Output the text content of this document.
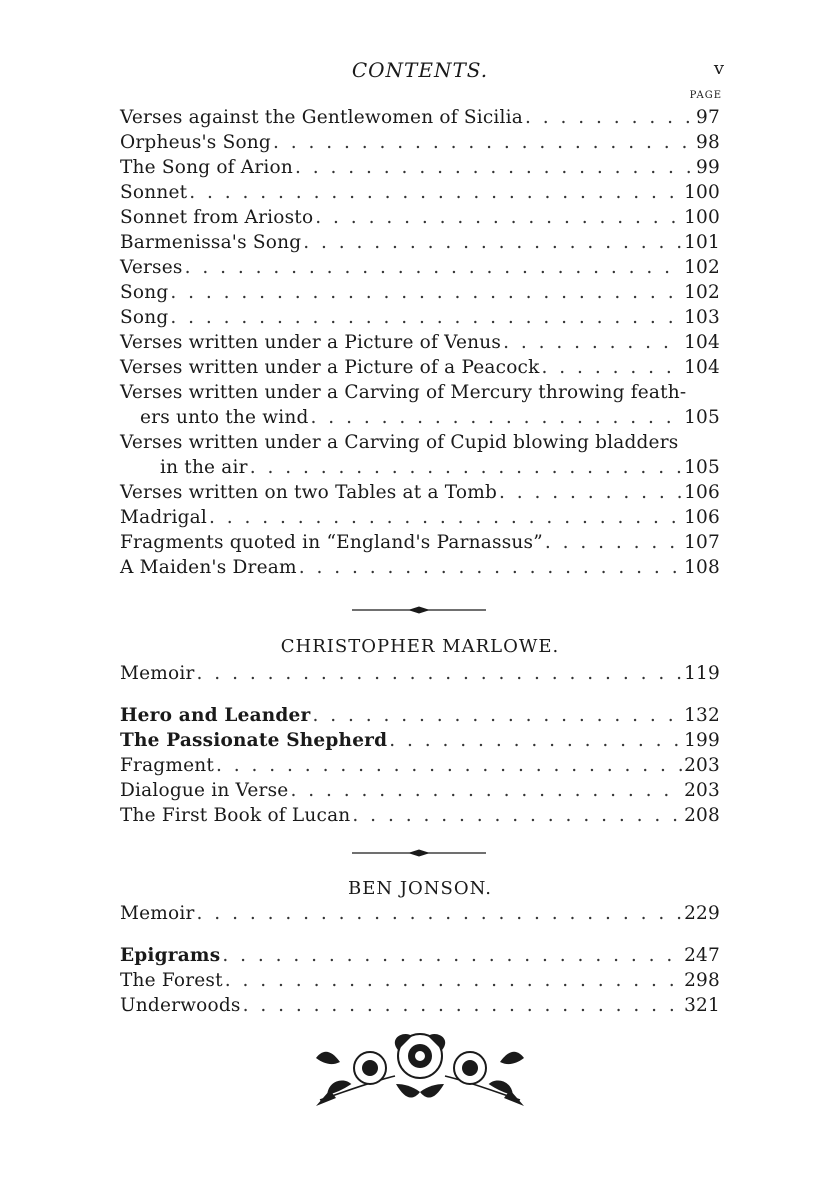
CONTENTS.	v
PAGE
Verses against the Gentlewomen of Sicilia . . .	97
Orpheus's Song . . .	98
The Song of Arion . . .	99
Sonnet . . .	100
Sonnet from Ariosto . . .	100
Barmenissa's Song . . .	101
Verses . . .	102
Song . . .	102
Song . . .	103
Verses written under a Picture of Venus . . .	104
Verses written under a Picture of a Peacock . . .	104
Verses written under a Carving of Mercury throwing feath-
ers unto the wind . . .	105
Verses written under a Carving of Cupid blowing bladders
in the air . . .	105
Verses written on two Tables at a Tomb . . .	106
Madrigal . . .	106
Fragments quoted in “England's Parnassus” . . .	107
A Maiden's Dream . . .	108
CHRISTOPHER MARLOWE.
Memoir . . .	119
Hero and Leander . . .	132
The Passionate Shepherd . . .	199
Fragment . . .	203
Dialogue in Verse . . .	203
The First Book of Lucan . . .	208
BEN JONSON.
Memoir . . .	229
Epigrams . . .	247
The Forest . . .	298
Underwoods . . .	321
